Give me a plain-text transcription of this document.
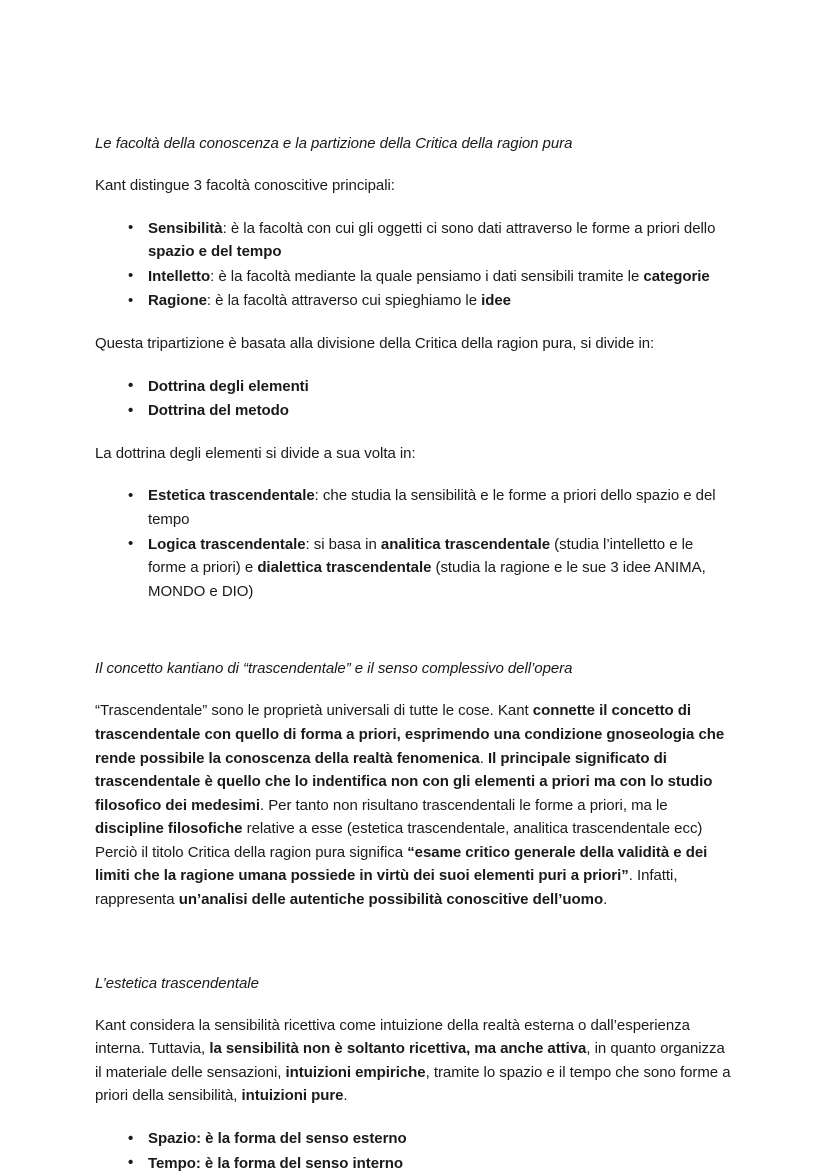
Le facoltà della conoscenza e la partizione della Critica della ragion pura

Kant distingue 3 facoltà conoscitive principali:

• Sensibilità: è la facoltà con cui gli oggetti ci sono dati attraverso le forme a priori dello spazio e del tempo
• Intelletto: è la facoltà mediante la quale pensiamo i dati sensibili tramite le categorie
• Ragione: è la facoltà attraverso cui spieghiamo le idee

Questa tripartizione è basata alla divisione della Critica della ragion pura, si divide in:

• Dottrina degli elementi
• Dottrina del metodo

La dottrina degli elementi si divide a sua volta in:

• Estetica trascendentale: che studia la sensibilità e le forme a priori dello spazio e del tempo
• Logica trascendentale: si basa in analitica trascendentale (studia l’intelletto e le forme a priori) e dialettica trascendentale (studia la ragione e le sue 3 idee ANIMA, MONDO e DIO)

Il concetto kantiano di “trascendentale” e il senso complessivo dell’opera

“Trascendentale” sono le proprietà universali di tutte le cose. Kant connette il concetto di trascendentale con quello di forma a priori, esprimendo una condizione gnoseologia che rende possibile la conoscenza della realtà fenomenica. Il principale significato di trascendentale è quello che lo indentifica non con gli elementi a priori ma con lo studio filosofico dei medesimi. Per tanto non risultano trascendentali le forme a priori, ma le discipline filosofiche relative a esse (estetica trascendentale, analitica trascendentale ecc) Perciò il titolo Critica della ragion pura significa “esame critico generale della validità e dei limiti che la ragione umana possiede in virtù dei suoi elementi puri a priori”. Infatti, rappresenta un’analisi delle autentiche possibilità conoscitive dell’uomo.

L’estetica trascendentale

Kant considera la sensibilità ricettiva come intuizione della realtà esterna o dall’esperienza interna. Tuttavia, la sensibilità non è soltanto ricettiva, ma anche attiva, in quanto organizza il materiale delle sensazioni, intuizioni empiriche, tramite lo spazio e il tempo che sono forme a priori della sensibilità, intuizioni pure.

• Spazio: è la forma del senso esterno
• Tempo: è la forma del senso interno
